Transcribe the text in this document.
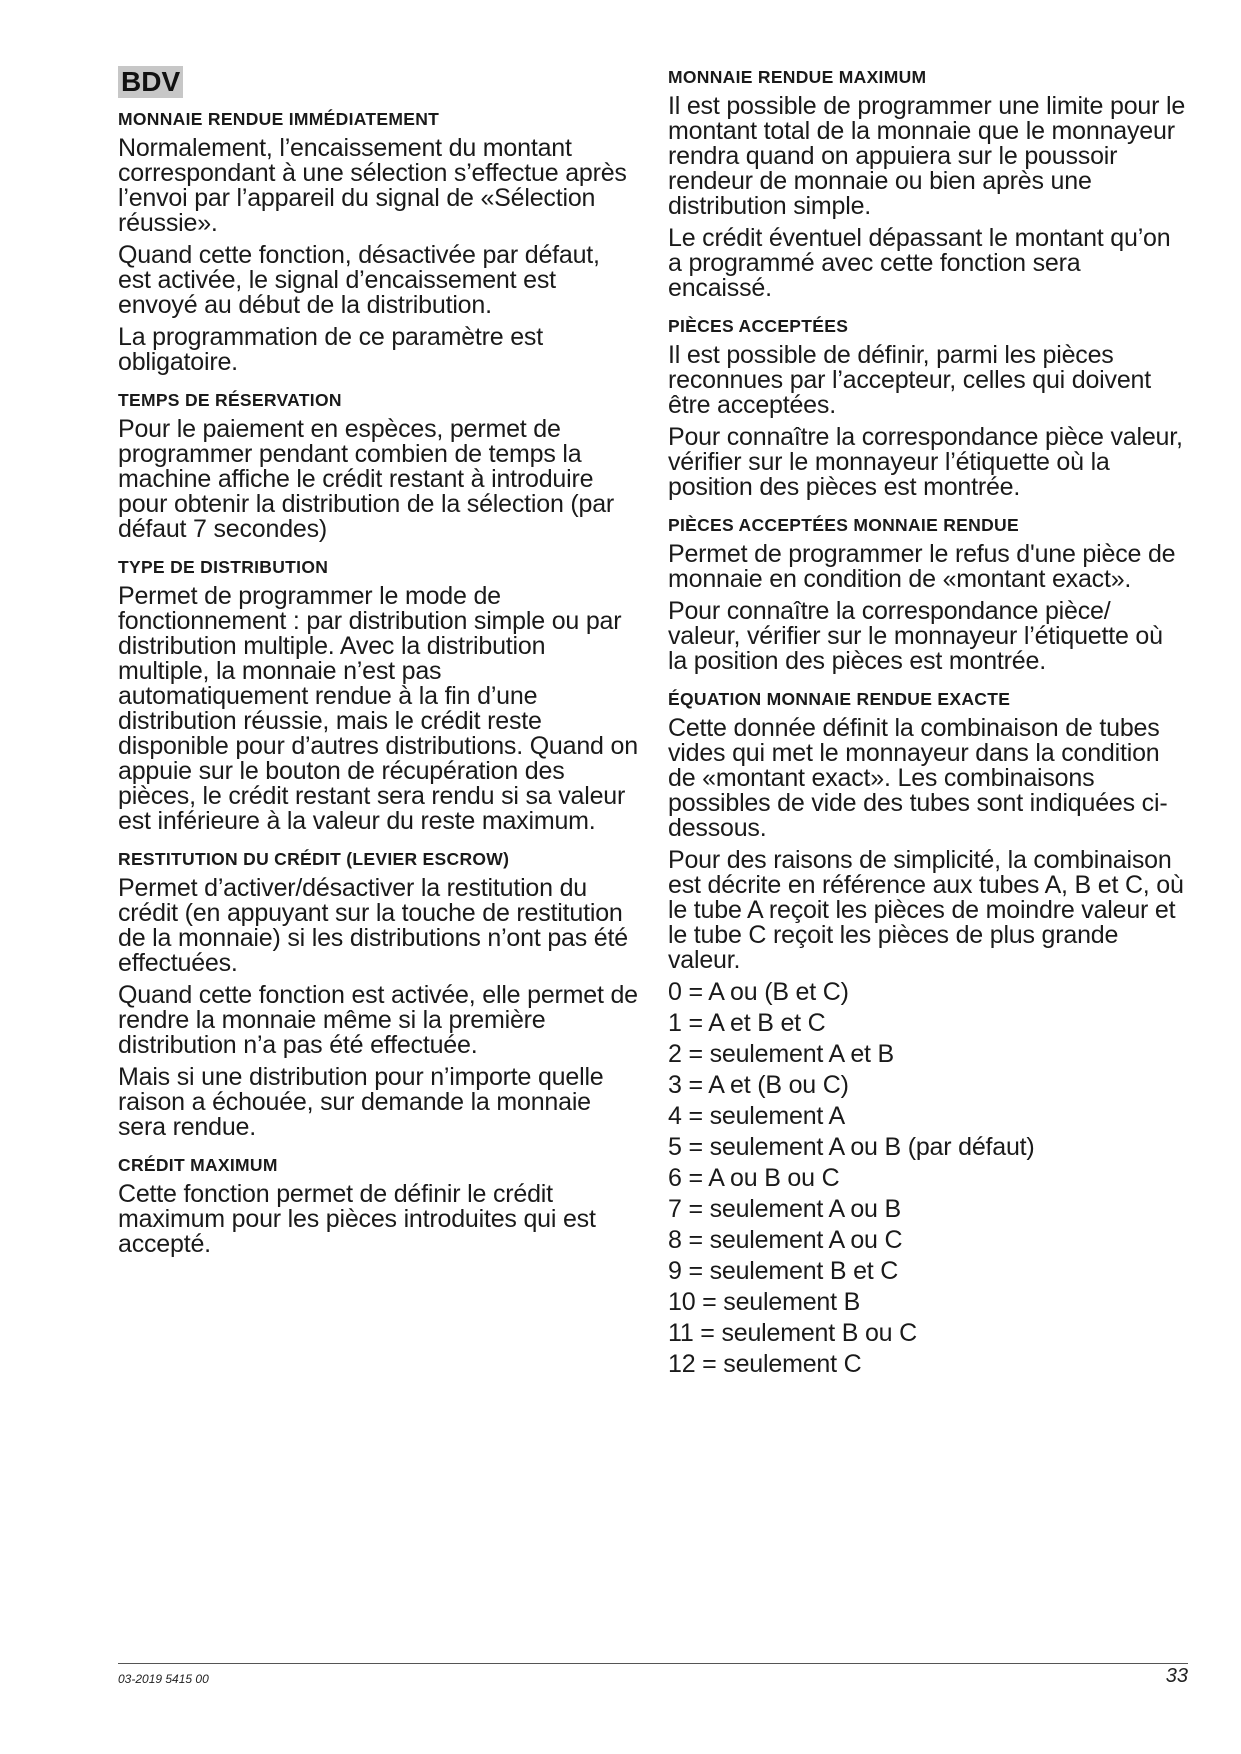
BDV
MONNAIE RENDUE IMMÉDIATEMENT

Normalement, l’encaissement du montant correspondant à une sélection s’effectue après l’envoi par l’appareil du signal de «Sélection réussie».

Quand cette fonction, désactivée par défaut, est activée, le signal d’encaissement est envoyé au début de la distribution.

La programmation de ce paramètre est obligatoire.

TEMPS DE RÉSERVATION

Pour le paiement en espèces, permet de programmer pendant combien de temps la machine affiche le crédit restant à introduire pour obtenir la distribution de la sélection (par défaut 7 secondes)

TYPE DE DISTRIBUTION

Permet de programmer le mode de fonctionnement : par distribution simple ou par distribution multiple. Avec la distribution multiple, la monnaie n’est pas automatiquement rendue à la fin d’une distribution réussie, mais le crédit reste disponible pour d’autres distributions. Quand on appuie sur le bouton de récupération des pièces, le crédit restant sera rendu si sa valeur est inférieure à la valeur du reste maximum.

RESTITUTION DU CRÉDIT (LEVIER ESCROW)

Permet d’activer/désactiver la restitution du crédit (en appuyant sur la touche de restitution de la monnaie) si les distributions n’ont pas été effectuées.

Quand cette fonction est activée, elle permet de rendre la monnaie même si la première distribution n’a pas été effectuée.

Mais si une distribution pour n’importe quelle raison a échouée, sur demande la monnaie sera rendue.

CRÉDIT MAXIMUM

Cette fonction permet de définir le crédit maximum pour les pièces introduites qui est accepté.

MONNAIE RENDUE MAXIMUM

Il est possible de programmer une limite pour le montant total de la monnaie que le monnayeur rendra quand on appuiera sur le poussoir rendeur de monnaie ou bien après une distribution simple.

Le crédit éventuel dépassant le montant qu’on a programmé avec cette fonction sera encaissé.

PIÈCES ACCEPTÉES

Il est possible de définir, parmi les pièces reconnues par l’accepteur, celles qui doivent être acceptées.

Pour connaître la correspondance pièce valeur, vérifier sur le monnayeur l’étiquette où la position des pièces est montrée.

PIÈCES ACCEPTÉES MONNAIE RENDUE

Permet de programmer le refus d'une pièce de monnaie en condition de «montant exact».

Pour connaître la correspondance pièce/ valeur, vérifier sur le monnayeur l’étiquette où la position des pièces est montrée.

ÉQUATION MONNAIE RENDUE EXACTE

Cette donnée définit la combinaison de tubes vides qui met le monnayeur dans la condition de «montant exact». Les combinaisons possibles de vide des tubes sont indiquées ci-dessous.

Pour des raisons de simplicité, la combinaison est décrite en référence aux tubes A, B et C, où le tube A reçoit les pièces de moindre valeur et le tube C reçoit les pièces de plus grande valeur.

0 = A ou (B et C)

1 = A et B et C

2 = seulement A et B

3 = A et (B ou C)

4 = seulement A

5 = seulement A ou B (par défaut)

6 = A ou B ou C

7 = seulement A ou B

8 = seulement A ou C

9 = seulement B et C

10 = seulement B

11 = seulement B ou C

12 = seulement C

03-2019 5415 00	33
